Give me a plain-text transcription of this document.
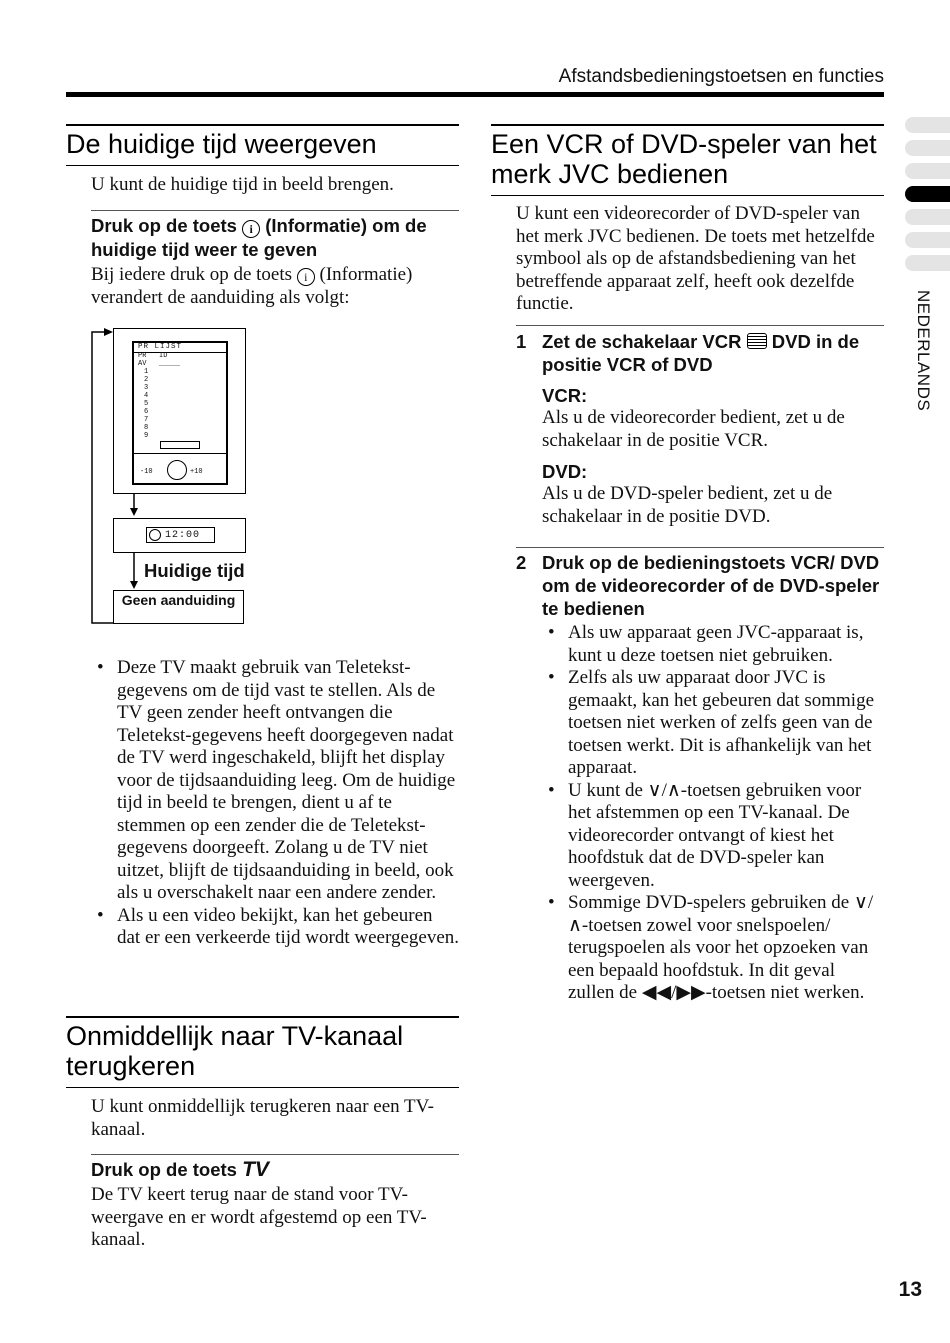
Afstandsbedieningstoetsen en functies
NEDERLANDS
De huidige tijd weergeven

U kunt de huidige tijd in beeld brengen.

Druk op de toets i (Informatie) om de huidige tijd weer te geven

Bij iedere druk op de toets i (Informatie) verandert de aanduiding als volgt:

PR LIJST
PR   ID
AV   _____
1
2
3
4
5
6
7
8
9
-10	+10
12:00
Huidige tijd
Geen aanduiding
• Deze TV maakt gebruik van Teletekst-gegevens om de tijd vast te stellen. Als de TV geen zender heeft ontvangen die Teletekst-gegevens heeft doorgegeven nadat de TV werd ingeschakeld, blijft het display voor de tijdsaanduiding leeg. Om de huidige tijd in beeld te brengen, dient u af te stemmen op een zender die de Teletekst-gegevens doorgeeft. Zolang u de TV niet uitzet, blijft de tijdsaanduiding in beeld, ook als u overschakelt naar een andere zender.
• Als u een video bekijkt, kan het gebeuren dat er een verkeerde tijd wordt weergegeven.
Onmiddellijk naar TV-kanaal terugkeren

U kunt onmiddellijk terugkeren naar een TV-kanaal.

Druk op de toets TV

De TV keert terug naar de stand voor TV-weergave en er wordt afgestemd op een TV-kanaal.

Een VCR of DVD-speler van het merk JVC bedienen

U kunt een videorecorder of DVD-speler van het merk JVC bedienen. De toets met hetzelfde symbool als op de afstandsbediening van het betreffende apparaat zelf, heeft ook dezelfde functie.

1 Zet de schakelaar VCR DVD in de positie VCR of DVD

VCR:

Als u de videorecorder bedient, zet u de schakelaar in de positie VCR.

DVD:

Als u de DVD-speler bedient, zet u de schakelaar in de positie DVD.

2 Druk op de bedieningstoets VCR/ DVD om de videorecorder of de DVD-speler te bedienen

• Als uw apparaat geen JVC-apparaat is, kunt u deze toetsen niet gebruiken.
• Zelfs als uw apparaat door JVC is gemaakt, kan het gebeuren dat sommige toetsen niet werken of zelfs geen van de toetsen werkt. Dit is afhankelijk van het apparaat.
• U kunt de ∨/∧-toetsen gebruiken voor het afstemmen op een TV-kanaal. De videorecorder ontvangt of kiest het hoofdstuk dat de DVD-speler kan weergeven.
• Sommige DVD-spelers gebruiken de ∨/∧-toetsen zowel voor snelspoelen/ terugspoelen als voor het opzoeken van een bepaald hoofdstuk. In dit geval zullen de ◀◀/▶▶-toetsen niet werken.
13
